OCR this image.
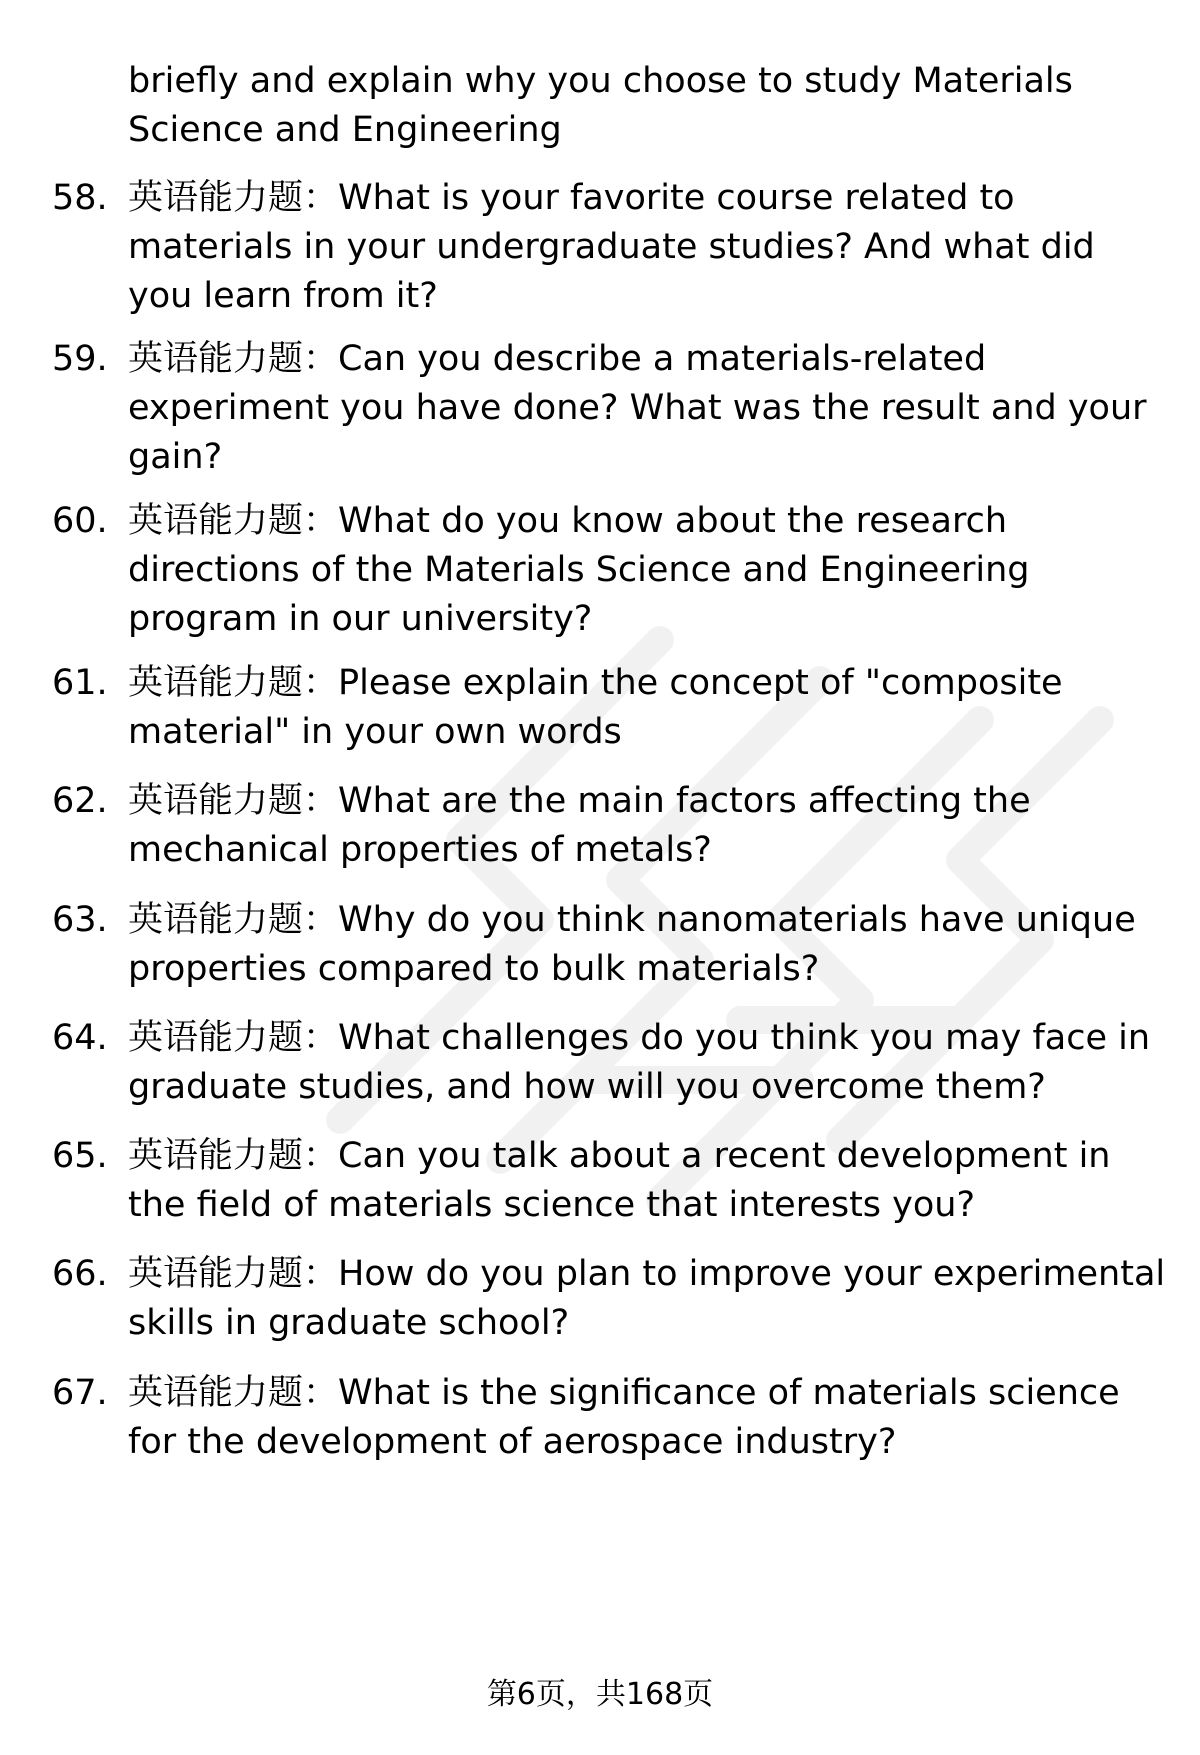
briefly and explain why you choose to study Materials Science and Engineering
58. 英语能力题：What is your favorite course related to materials in your undergraduate studies? And what did you learn from it?
59. 英语能力题：Can you describe a materials-related experiment you have done? What was the result and your gain?
60. 英语能力题：What do you know about the research directions of the Materials Science and Engineering program in our university?
61. 英语能力题：Please explain the concept of "composite material" in your own words
62. 英语能力题：What are the main factors affecting the mechanical properties of metals?
63. 英语能力题：Why do you think nanomaterials have unique properties compared to bulk materials?
64. 英语能力题：What challenges do you think you may face in graduate studies, and how will you overcome them?
65. 英语能力题：Can you talk about a recent development in the field of materials science that interests you?
66. 英语能力题：How do you plan to improve your experimental skills in graduate school?
67. 英语能力题：What is the significance of materials science for the development of aerospace industry?
第6页，共168页
